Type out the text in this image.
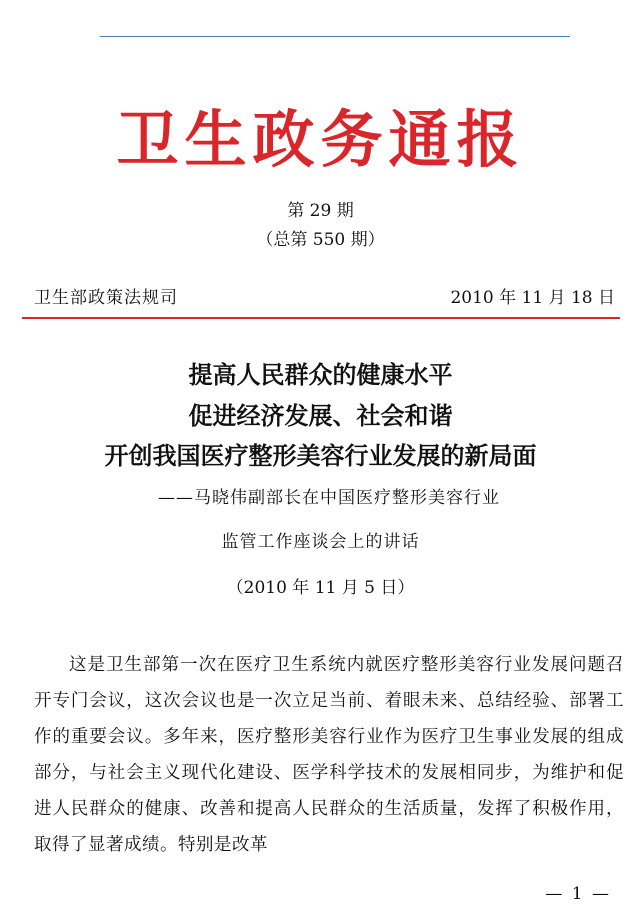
卫生政务通报
第 29 期
（总第 550 期）
卫生部政策法规司	2010 年 11 月 18 日
提高人民群众的健康水平
促进经济发展、社会和谐
开创我国医疗整形美容行业发展的新局面
——马晓伟副部长在中国医疗整形美容行业
监管工作座谈会上的讲话
（2010 年 11 月 5 日）

这是卫生部第一次在医疗卫生系统内就医疗整形美容行业发展问题召开专门会议，这次会议也是一次立足当前、着眼未来、总结经验、部署工作的重要会议。多年来，医疗整形美容行业作为医疗卫生事业发展的组成部分，与社会主义现代化建设、医学科学技术的发展相同步，为维护和促进人民群众的健康、改善和提高人民群众的生活质量，发挥了积极作用，取得了显著成绩。特别是改革

— 1 —
